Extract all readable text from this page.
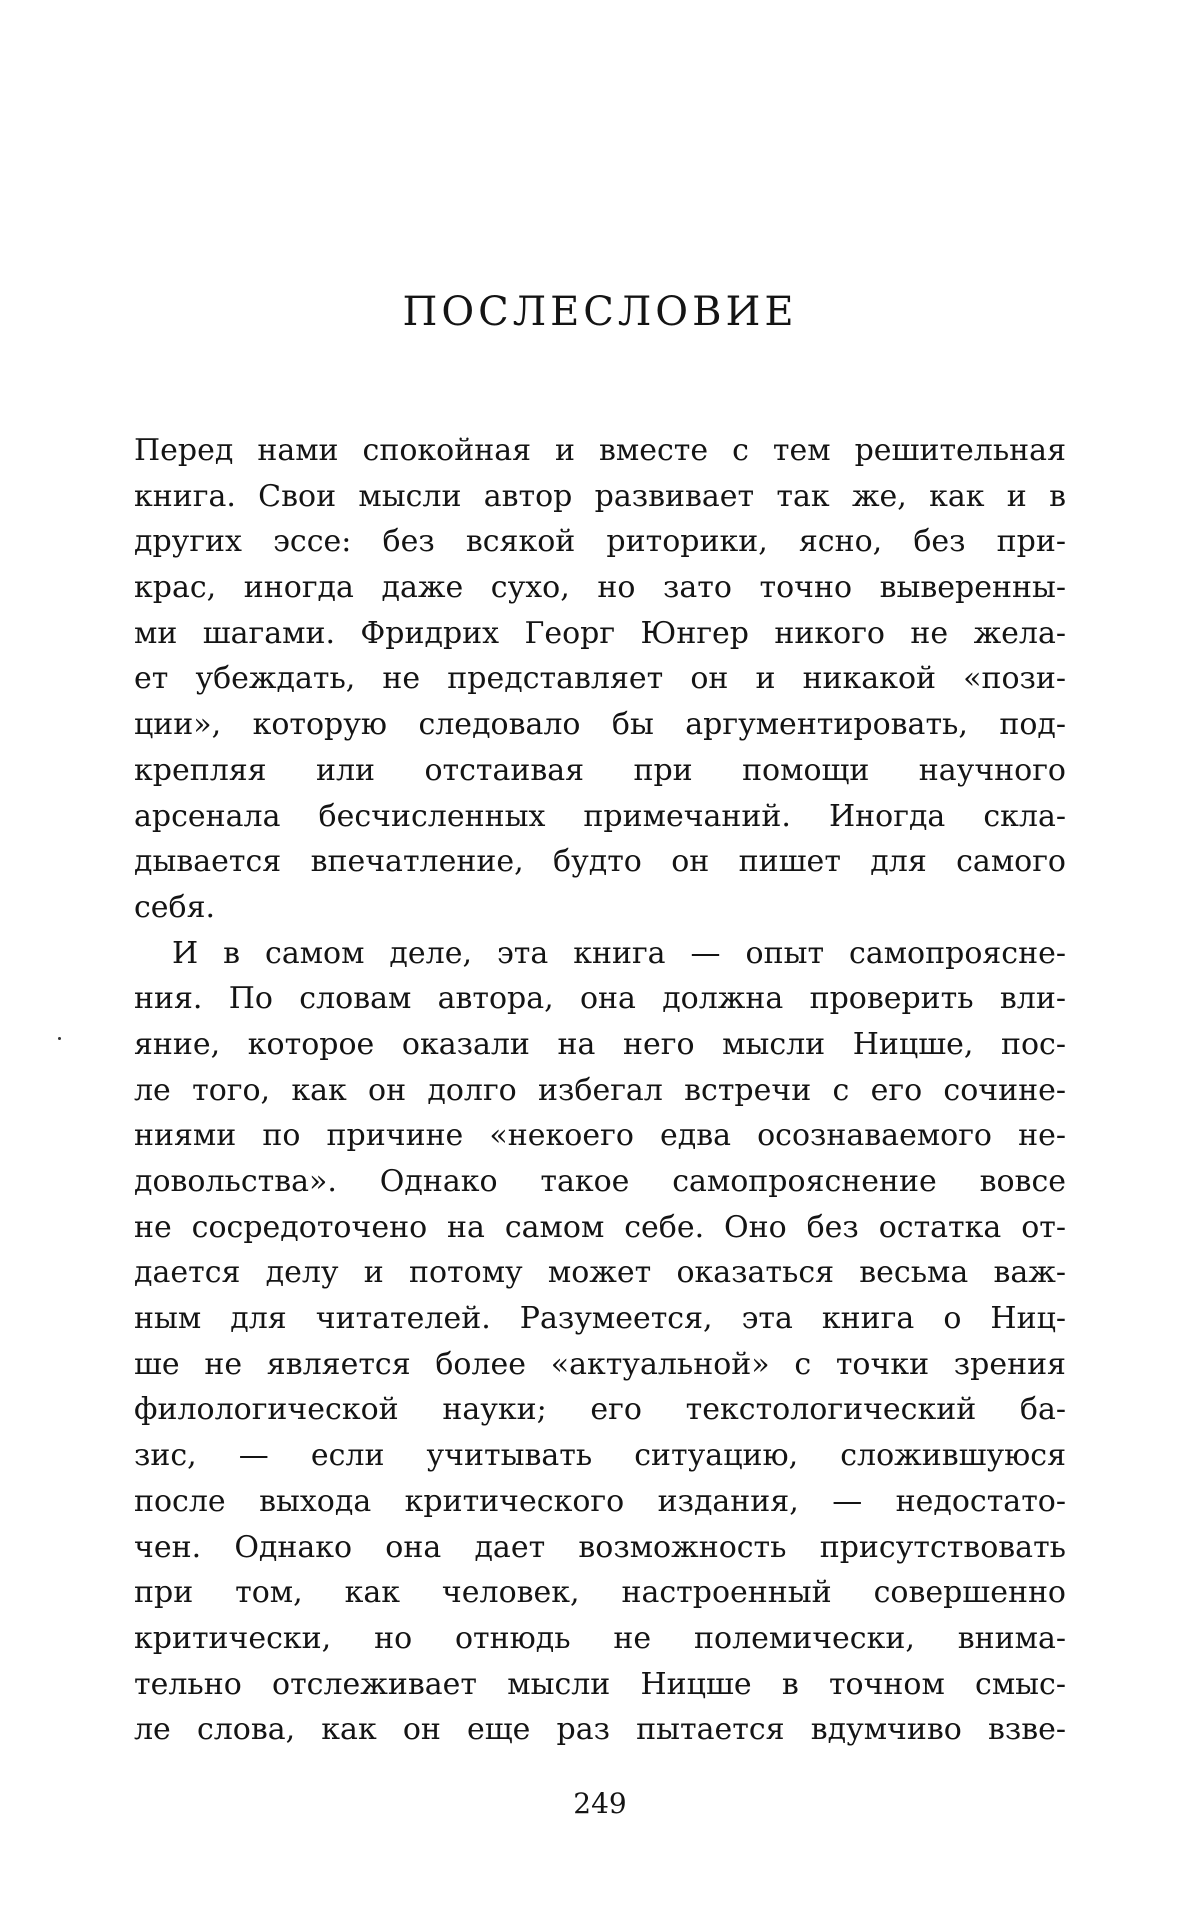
ПОСЛЕСЛОВИЕ
Перед нами спокойная и вместе с тем решительная
книга. Свои мысли автор развивает так же, как и в
других эссе: без всякой риторики, ясно, без при-
крас, иногда даже сухо, но зато точно выверенны-
ми шагами. Фридрих Георг Юнгер никого не жела-
ет убеждать, не представляет он и никакой «пози-
ции», которую следовало бы аргументировать, под-
крепляя или отстаивая при помощи научного
арсенала бесчисленных примечаний. Иногда скла-
дывается впечатление, будто он пишет для самого
себя.
И в самом деле, эта книга — опыт самопроясне-
ния. По словам автора, она должна проверить вли-
яние, которое оказали на него мысли Ницше, пос-
ле того, как он долго избегал встречи с его сочине-
ниями по причине «некоего едва осознаваемого не-
довольства». Однако такое самопрояснение вовсе
не сосредоточено на самом себе. Оно без остатка от-
дается делу и потому может оказаться весьма важ-
ным для читателей. Разумеется, эта книга о Ниц-
ше не является более «актуальной» с точки зрения
филологической науки; его текстологический ба-
зис, — если учитывать ситуацию, сложившуюся
после выхода критического издания, — недостато-
чен. Однако она дает возможность присутствовать
при том, как человек, настроенный совершенно
критически, но отнюдь не полемически, внима-
тельно отслеживает мысли Ницше в точном смыс-
ле слова, как он еще раз пытается вдумчиво взве-
249
